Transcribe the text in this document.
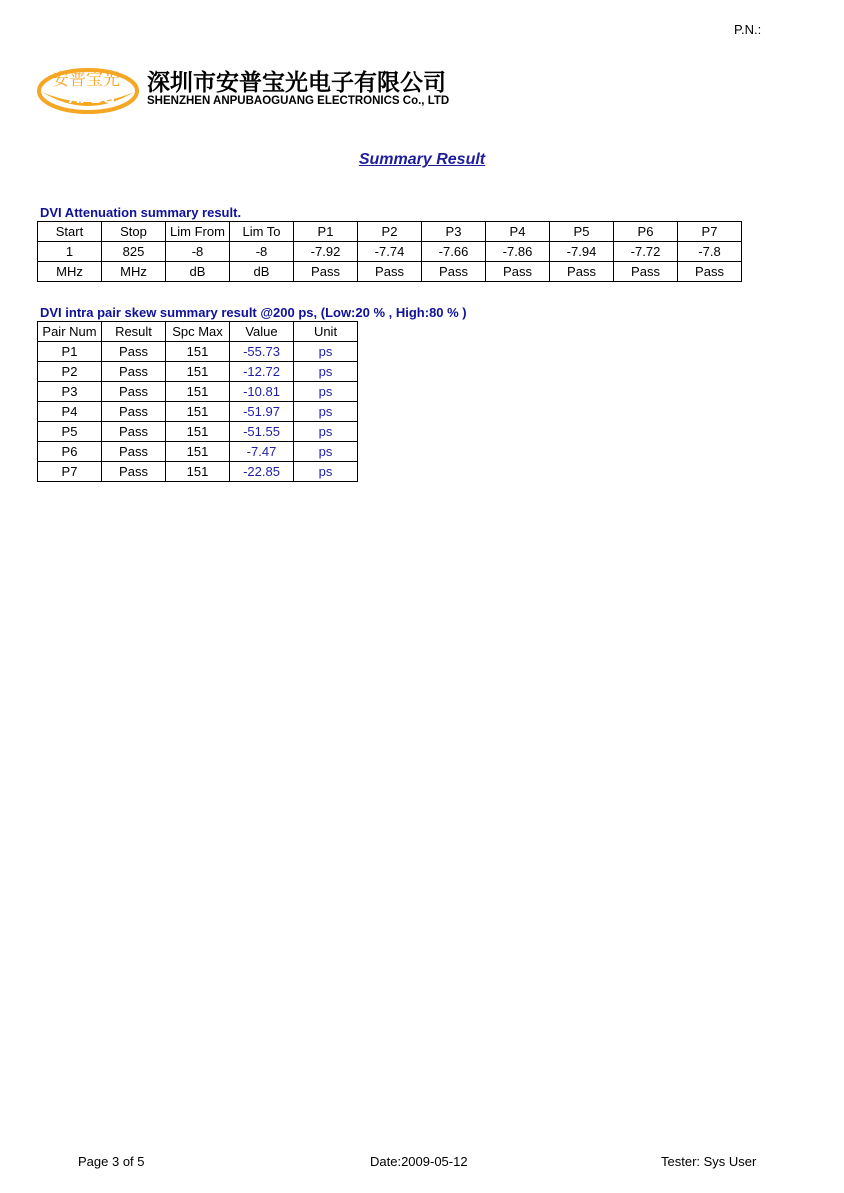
P.N.:
安普宝光
APBG
深圳市安普宝光电子有限公司
SHENZHEN ANPUBAOGUANG ELECTRONICS Co., LTD
Summary Result
DVI Attenuation summary result.
Start	Stop	Lim From	Lim To	P1	P2	P3	P4	P5	P6	P7
1	825	-8	-8	-7.92	-7.74	-7.66	-7.86	-7.94	-7.72	-7.8
MHz	MHz	dB	dB	Pass	Pass	Pass	Pass	Pass	Pass	Pass
DVI intra pair skew summary result @200 ps, (Low:20 % , High:80 % )
Pair Num	Result	Spc Max	Value	Unit
P1	Pass	151	-55.73	ps
P2	Pass	151	-12.72	ps
P3	Pass	151	-10.81	ps
P4	Pass	151	-51.97	ps
P5	Pass	151	-51.55	ps
P6	Pass	151	-7.47	ps
P7	Pass	151	-22.85	ps
Page 3 of 5	Date:2009-05-12	Tester: Sys User
